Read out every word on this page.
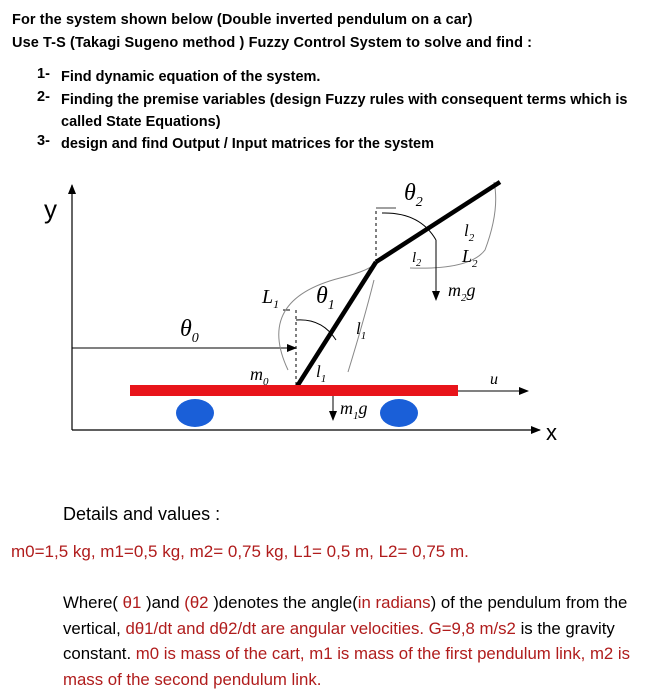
For the system shown below (Double inverted pendulum on a car)
Use T-S (Takagi Sugeno method ) Fuzzy Control System to solve and find :
1- Find dynamic equation of the system.
2- Finding the premise variables (design Fuzzy rules with consequent terms which is called State Equations)
3- design and find Output / Input matrices for the system
y
x
$\theta_0$
$L_1$
u
$\theta_1$
$\theta_2$
$l_1$
$l_1$
$l_2$
$l_2$ $L_2$
$m_0$
$m_1g$
$m_2g$
Details and values :
m0=1,5 kg, m1=0,5 kg, m2= 0,75 kg, L1= 0,5 m, L2= 0,75 m.
Where( θ1 )and (θ2 )denotes the angle(in radians) of the pendulum from the vertical, dθ1/dt and dθ2/dt are angular velocities. G=9,8 m/s2 is the gravity constant. m0 is mass of the cart, m1 is mass of the first pendulum link, m2 is mass of the second pendulum link.
